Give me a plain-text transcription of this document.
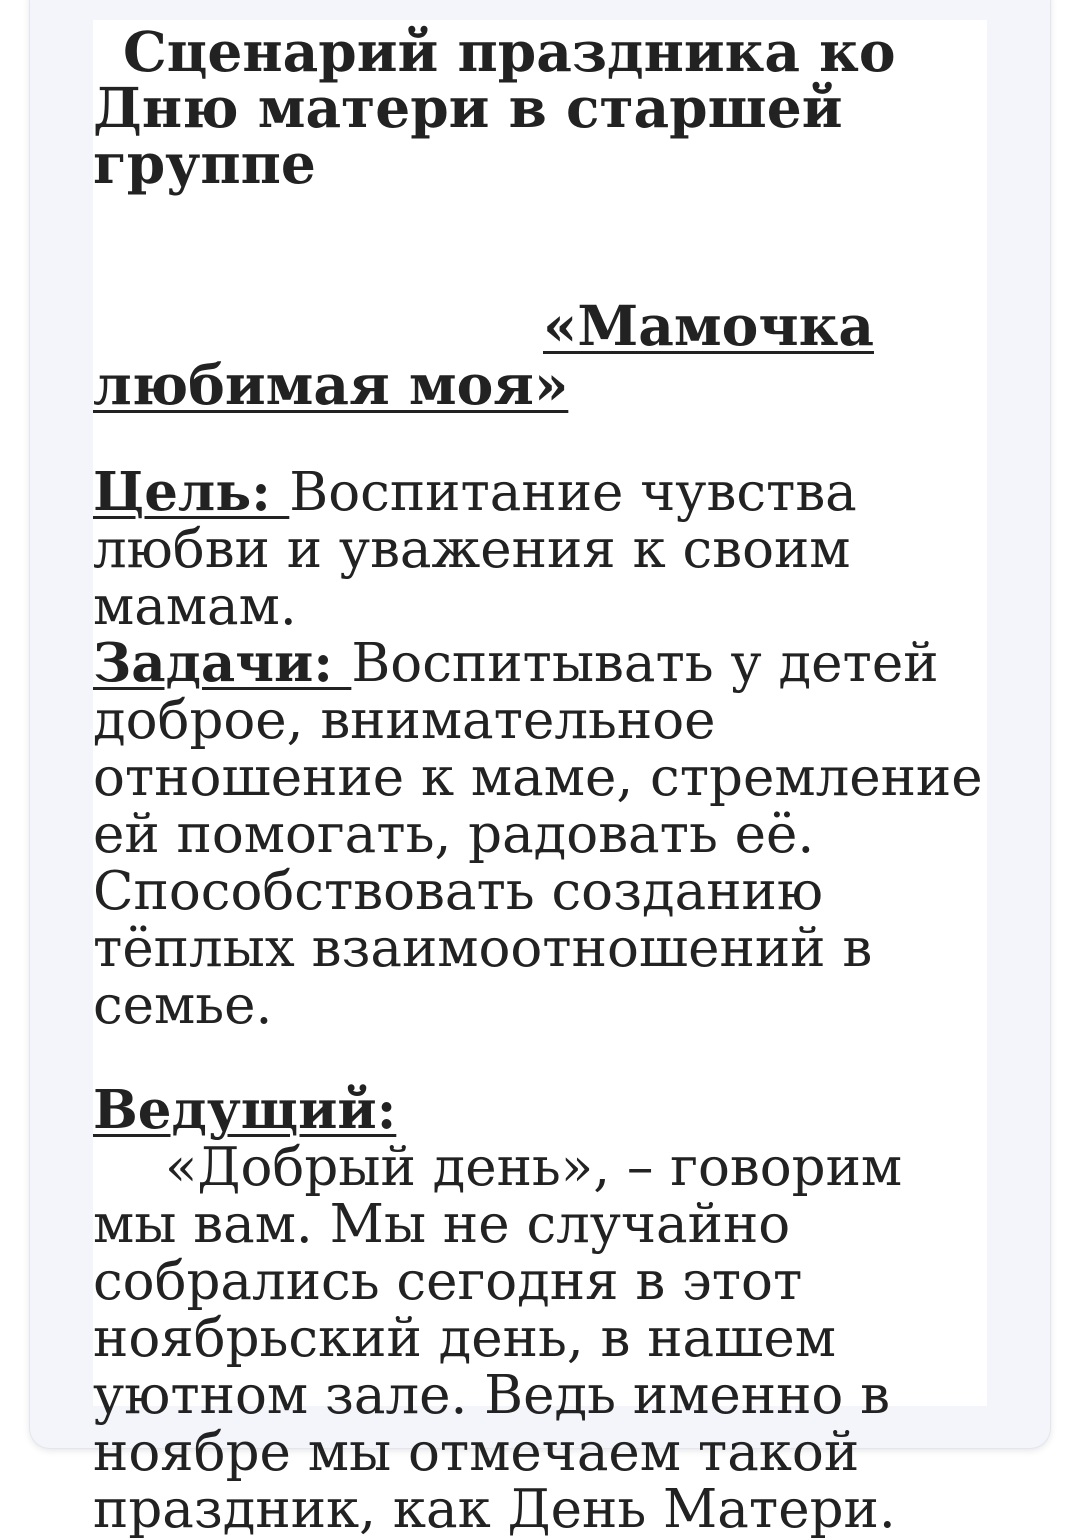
Сценарий праздника ко Дню матери в старшей группе

«Мамочка любимая моя»

Цель: Воспитание чувства любви и уважения к своим мамам.

Задачи: Воспитывать у детей доброе, внимательное отношение к маме, стремление ей помогать, радовать её. Способствовать созданию тёплых взаимоотношений в семье.

Ведущий:

«Добрый день», – говорим мы вам. Мы не случайно собрались сегодня в этот ноябрьский день, в нашем уютном зале. Ведь именно в ноябре мы отмечаем такой праздник, как День Матери.
